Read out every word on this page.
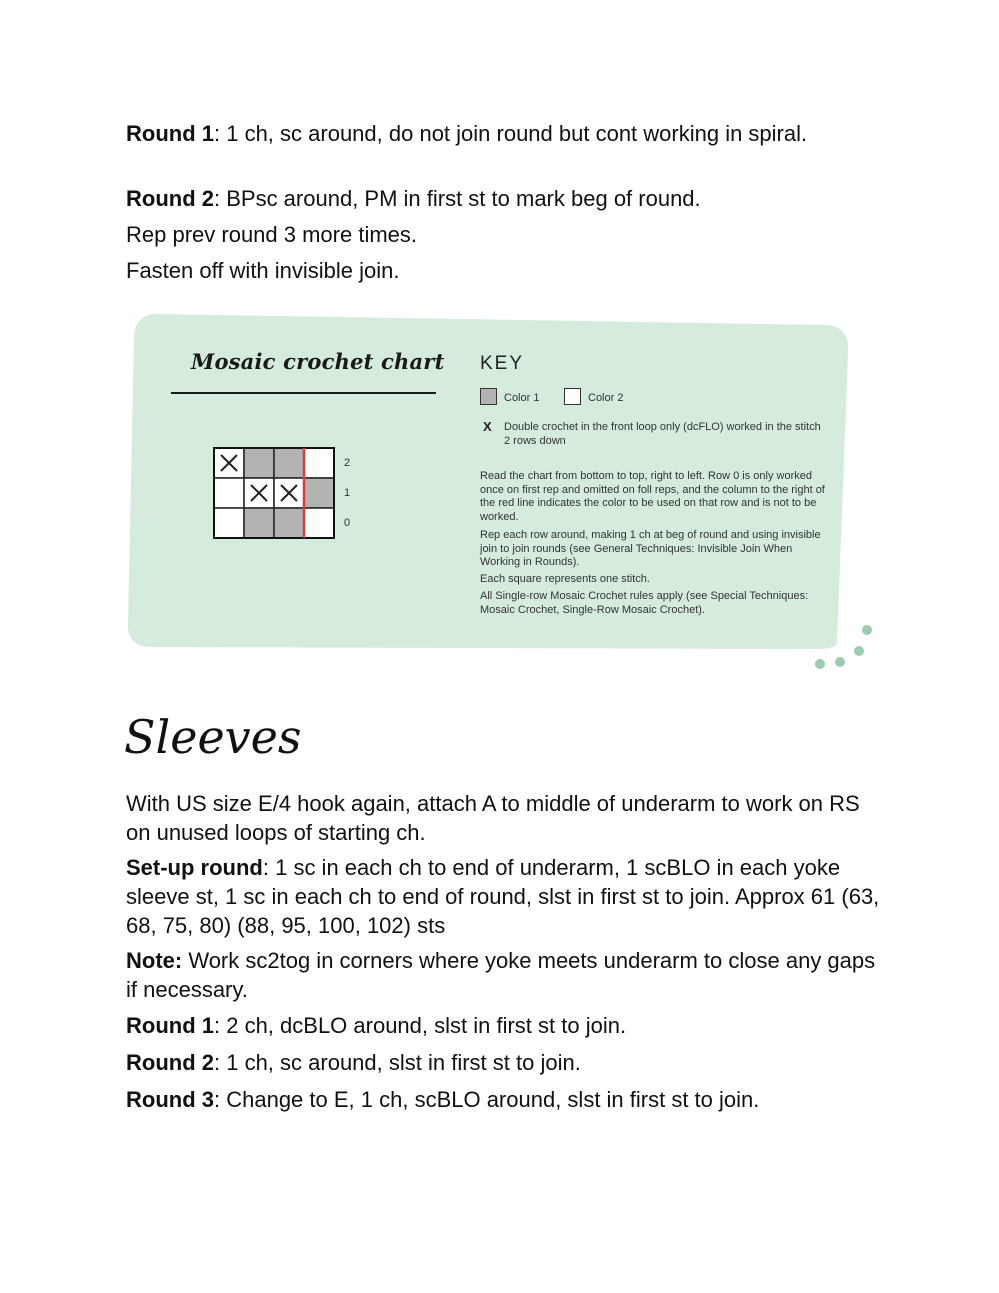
Round 1: 1 ch, sc around, do not join round but cont working in spiral.

Round 2: BPsc around, PM in first st to mark beg of round.

Rep prev round 3 more times.

Fasten off with invisible join.

Mosaic crochet chart KEY
Color 1	Color 2
X Double crochet in the front loop only (dcFLO) worked in the stitch 2 rows down

Read the chart from bottom to top, right to left. Row 0 is only worked once on first rep and omitted on foll reps, and the column to the right of the red line indicates the color to be used on that row and is not to be worked.

Rep each row around, making 1 ch at beg of round and using invisible join to join rounds (see General Techniques: Invisible Join When Working in Rounds).

Each square represents one stitch.

All Single-row Mosaic Crochet rules apply (see Special Techniques: Mosaic Crochet, Single-Row Mosaic Crochet).

2
1
0
Sleeves

With US size E/4 hook again, attach A to middle of underarm to work on RS on unused loops of starting ch.

Set-up round: 1 sc in each ch to end of underarm, 1 scBLO in each yoke sleeve st, 1 sc in each ch to end of round, slst in first st to join. Approx 61 (63, 68, 75, 80) (88, 95, 100, 102) sts

Note: Work sc2tog in corners where yoke meets underarm to close any gaps if necessary.

Round 1: 2 ch, dcBLO around, slst in first st to join.

Round 2: 1 ch, sc around, slst in first st to join.

Round 3: Change to E, 1 ch, scBLO around, slst in first st to join.
